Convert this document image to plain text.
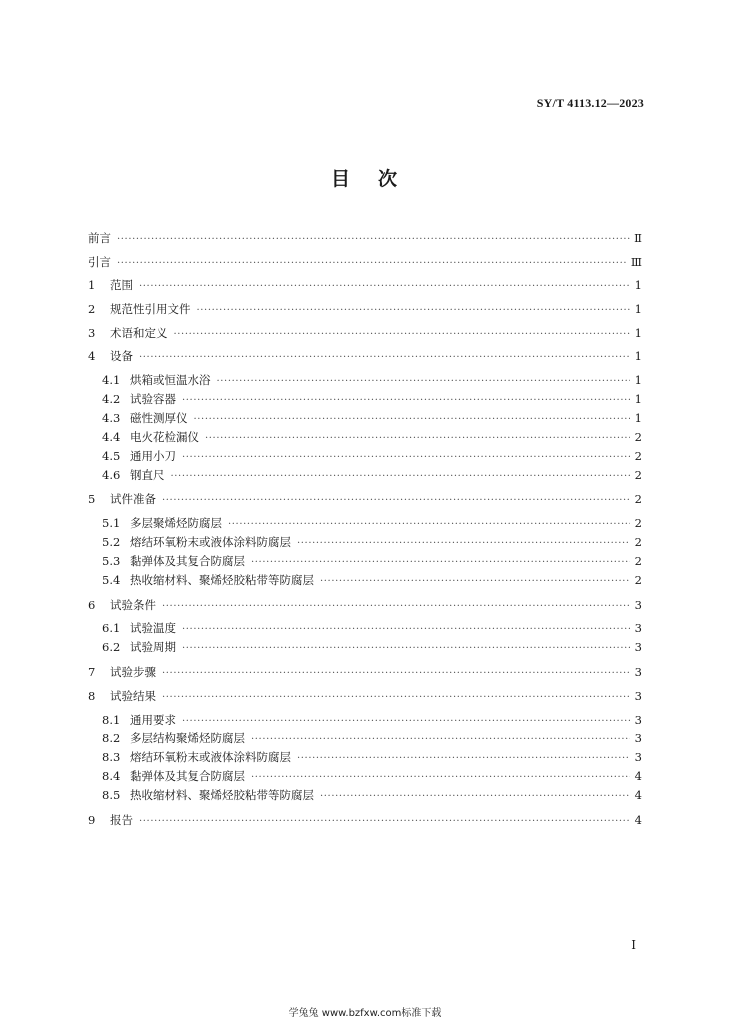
SY/T 4113.12—2023
目 次
前言 ·····	Ⅱ
引言 ·····	Ⅲ
1	范围 ·····	1
2	规范性引用文件 ·····	1
3	术语和定义 ·····	1
4	设备 ·····	1
4.1 烘箱或恒温水浴 ·····	1
4.2 试验容器 ·····	1
4.3 磁性测厚仪 ·····	1
4.4 电火花检漏仪 ·····	2
4.5 通用小刀 ·····	2
4.6 钢直尺 ·····	2
5	试件准备 ·····	2
5.1 多层聚烯烃防腐层 ·····	2
5.2 熔结环氧粉末或液体涂料防腐层 ·····	2
5.3 黏弹体及其复合防腐层 ·····	2
5.4 热收缩材料、聚烯烃胶粘带等防腐层 ·····	2
6	试验条件 ·····	3
6.1 试验温度 ·····	3
6.2 试验周期 ·····	3
7	试验步骤 ·····	3
8	试验结果 ·····	3
8.1 通用要求 ·····	3
8.2 多层结构聚烯烃防腐层 ·····	3
8.3 熔结环氧粉末或液体涂料防腐层 ·····	3
8.4 黏弹体及其复合防腐层 ·····	4
8.5 热收缩材料、聚烯烃胶粘带等防腐层 ·····	4
9	报告 ·····	4
I
学兔兔 www.bzfxw.com标准下载
